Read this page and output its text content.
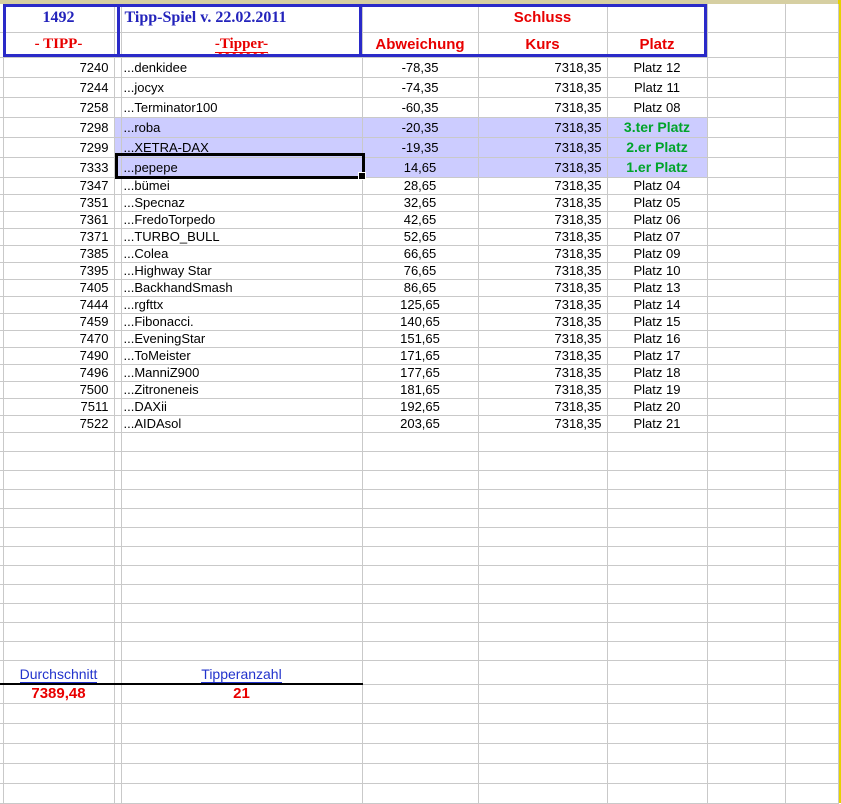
	1492		Tipp-Spiel v. 22.02.2011		Schluss			
	- TIPP-		-Tipper-	Abweichung	Kurs	Platz		
	7240		...denkidee	-78,35	7318,35	Platz 12		
	7244		...jocyx	-74,35	7318,35	Platz 11		
	7258		...Terminator100	-60,35	7318,35	Platz 08		
	7298		...roba	-20,35	7318,35	3.ter Platz		
	7299		...XETRA-DAX	-19,35	7318,35	2.er Platz		
	7333		...pepepe	14,65	7318,35	1.er Platz		
	7347		...bümei	28,65	7318,35	Platz 04		
	7351		...Specnaz	32,65	7318,35	Platz 05		
	7361		...FredoTorpedo	42,65	7318,35	Platz 06		
	7371		...TURBO_BULL	52,65	7318,35	Platz 07		
	7385		...Colea	66,65	7318,35	Platz 09		
	7395		...Highway Star	76,65	7318,35	Platz 10		
	7405		...BackhandSmash	86,65	7318,35	Platz 13		
	7444		...rgfttx	125,65	7318,35	Platz 14		
	7459		...Fibonacci.	140,65	7318,35	Platz 15		
	7470		...EveningStar	151,65	7318,35	Platz 16		
	7490		...ToMeister	171,65	7318,35	Platz 17		
	7496		...ManniZ900	177,65	7318,35	Platz 18		
	7500		...Zitroneneis	181,65	7318,35	Platz 19		
	7511		...DAXii	192,65	7318,35	Platz 20		
	7522		...AIDAsol	203,65	7318,35	Platz 21		

	Durchschnitt		Tipperanzahl					
	7389,48		21					
